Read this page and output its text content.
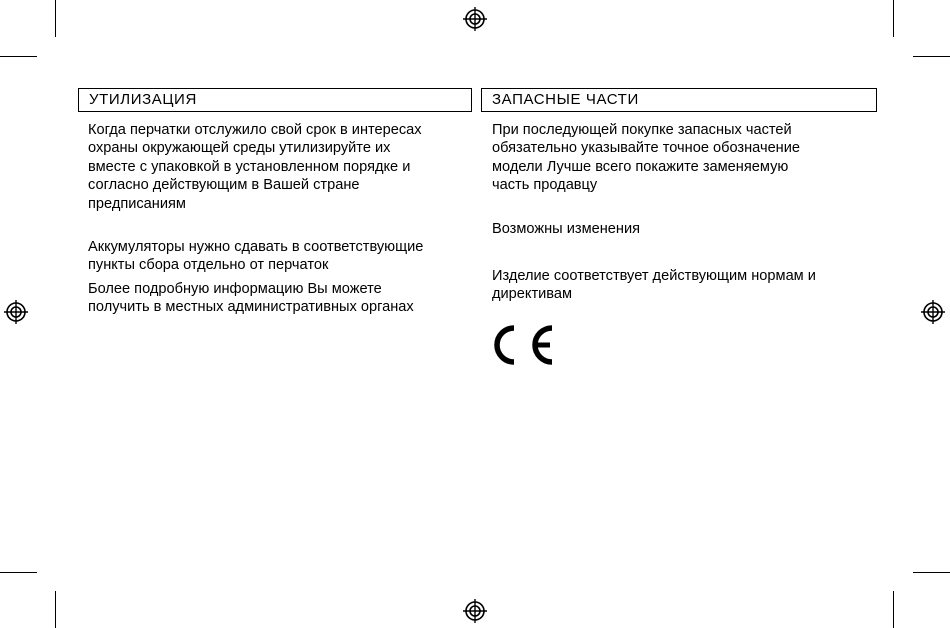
УТИЛИЗАЦИЯ

Когда перчатки отслужило свой срок в интересах
охраны окружающей среды утилизируйте их
вместе с упаковкой в установленном порядке и
согласно действующим в Вашей стране
предписаниям

Аккумуляторы нужно сдавать в соответствующие
пункты сбора отдельно от перчаток

Более подробную информацию Вы можете
получить в местных административных органах

ЗАПАСНЫЕ ЧАСТИ

При последующей покупке запасных частей
обязательно указывайте точное обозначение
модели Лучше всего покажите заменяемую
часть продавцу

Возможны изменения

Изделие соответствует действующим нормам и
директивам
